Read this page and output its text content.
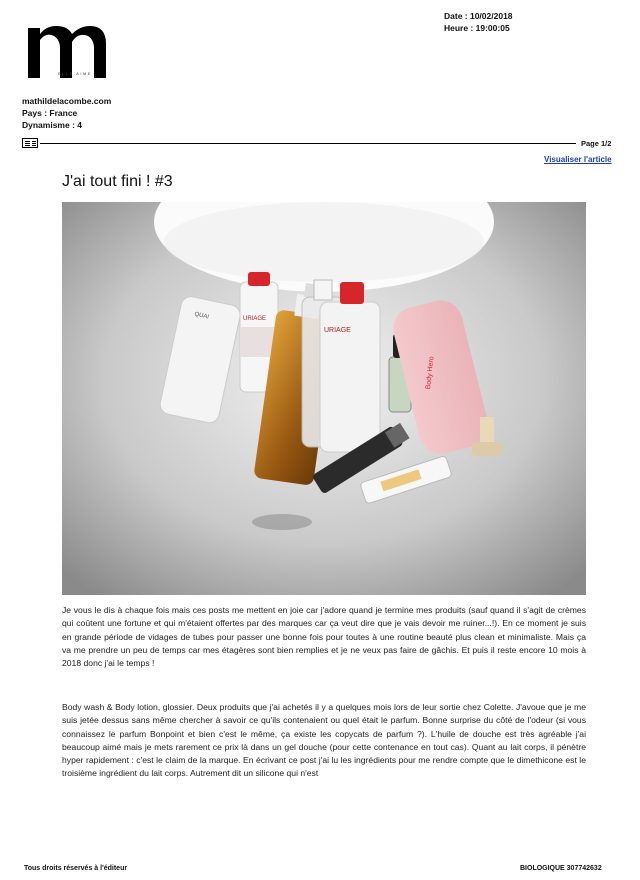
ELLE AIME
Date : 10/02/2018
Heure : 19:00:05
mathildelacombe.com
Pays : France
Dynamisme : 4
Page 1/2
Visualiser l'article
J'ai tout fini ! #3
QUAI	URIAGE
URIAGE
Body Hero

Je vous le dis à chaque fois mais ces posts me mettent en joie car j'adore quand je termine mes produits (sauf quand il s'agit de crèmes qui coûtent une fortune et qui m'étaient offertes par des marques car ça veut dire que je vais devoir me ruiner...!). En ce moment je suis en grande période de vidages de tubes pour passer une bonne fois pour toutes à une routine beauté plus clean et minimaliste. Mais ça va me prendre un peu de temps car mes étagères sont bien remplies et je ne veux pas faire de gâchis. Et puis il reste encore 10 mois à 2018 donc j'ai le temps !

Body wash & Body lotion, glossier. Deux produits que j'ai achetés il y a quelques mois lors de leur sortie chez Colette. J'avoue que je me suis jetée dessus sans même chercher à savoir ce qu'ils contenaient ou quel était le parfum. Bonne surprise du côté de l'odeur (si vous connaissez le parfum Bonpoint et bien c'est le même, ça existe les copycats de parfum ?). L'huile de douche est très agréable j'ai beaucoup aimé mais je mets rarement ce prix là dans un gel douche (pour cette contenance en tout cas). Quant au lait corps, il pénètre hyper rapidement : c'est le claim de la marque. En écrivant ce post j'ai lu les ingrédients pour me rendre compte que le dimethicone est le troisième ingrédient du lait corps. Autrement dit un silicone qui n'est

Tous droits réservés à l'éditeur	BIOLOGIQUE 307742632
